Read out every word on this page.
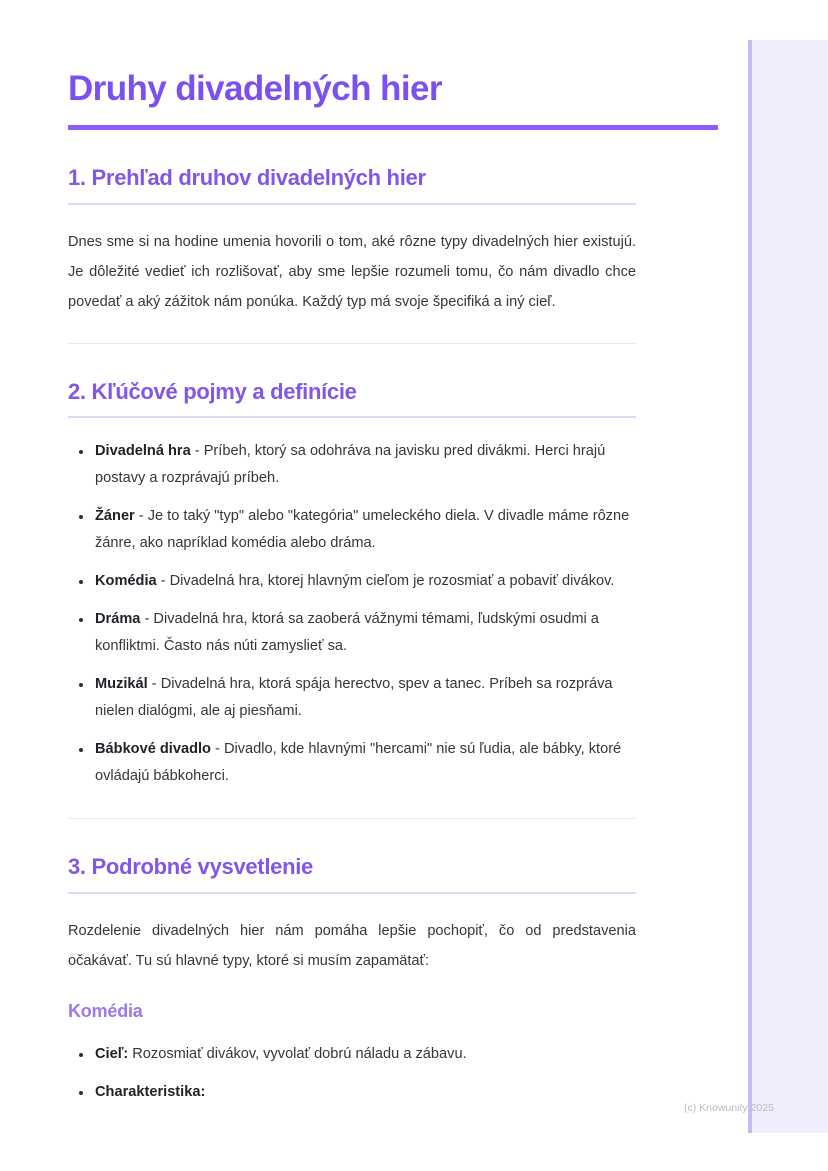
Druhy divadelných hier
1. Prehľad druhov divadelných hier

Dnes sme si na hodine umenia hovorili o tom, aké rôzne typy divadelných hier existujú. Je dôležité vedieť ich rozlišovať, aby sme lepšie rozumeli tomu, čo nám divadlo chce povedať a aký zážitok nám ponúka. Každý typ má svoje špecifiká a iný cieľ.

2. Kľúčové pojmy a definície
Divadelná hra - Príbeh, ktorý sa odohráva na javisku pred divákmi. Herci hrajú postavy a rozprávajú príbeh.
Žáner - Je to taký "typ" alebo "kategória" umeleckého diela. V divadle máme rôzne žánre, ako napríklad komédia alebo dráma.
Komédia - Divadelná hra, ktorej hlavným cieľom je rozosmiať a pobaviť divákov.
Dráma - Divadelná hra, ktorá sa zaoberá vážnymi témami, ľudskými osudmi a konfliktmi. Často nás núti zamyslieť sa.
Muzikál - Divadelná hra, ktorá spája herectvo, spev a tanec. Príbeh sa rozpráva nielen dialógmi, ale aj piesňami.
Bábkové divadlo - Divadlo, kde hlavnými "hercami" nie sú ľudia, ale bábky, ktoré ovládajú bábkoherci.
3. Podrobné vysvetlenie

Rozdelenie divadelných hier nám pomáha lepšie pochopiť, čo od predstavenia očakávať. Tu sú hlavné typy, ktoré si musím zapamätať:

Komédia
Cieľ: Rozosmiať divákov, vyvolať dobrú náladu a zábavu.
Charakteristika:
(c) Knowunity 2025
